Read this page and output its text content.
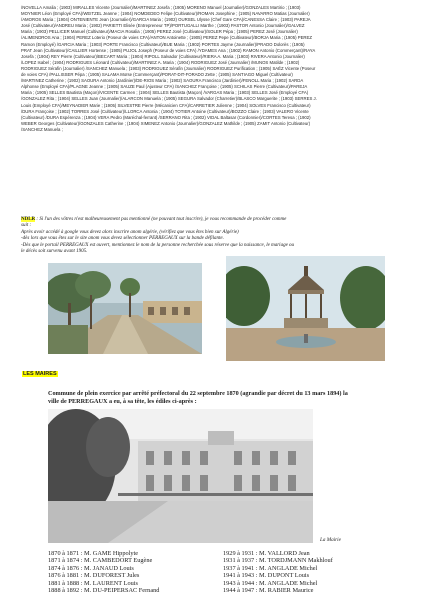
/NOVELLA Amalia ; (1903) MIRALLES Vicente (Journalier)/MARTINEZ Josefa ; (1905) MORENO Manuel (Journalier)/GONZALES Martirio ; (1903)

MOYNIER Léon (Employé CFA)/WEITZEL Jeanne ; (1904) NOMDEDEO Felipe (Cultivateur)/ROMAN Josephine ; (1905) NAVARRO Matias (Journalier)

/AMOROS Maria ; (1904) ONTENIENTE Jean (Journalier)/GARCIA Maria ; (1902) OURSEL Ulysse (Chef Gare CFA)/CANESSA Claire ; (1903) PAREJA

José (Cultivateur)/ANDREU Maria ; (1902) PARIETTI Elisée (Entrepreneur TP)/PORTUGALLI Marthe ; (1903) PASTOR Antonio (Journalier)/GALVEZ

Maria ; (1903) PELLICER Manuel (Cultivateur)/MACIA Rosalia ; (1905) PEREZ José (Cultivateur)/SOLER Pépa ; (1905) PEREZ José (Journalier)

/ALIMENDROS Ana ; (1904) PEREZ Loterio (Poseur de voies CFA)/ANTON Antoinette ; (1905) PEREZ Pepe (Cultivateur)/BORJA Maria ; (1905) PEREZ

Ramon (Employé) /GARCIA Maria ; (1903) PORTE Francisco (Cultivateur)/BUE Maria ; (1902) PORTES Jayme (Journalier)/PRADO Dolorès ; (1905)

PRAT Jean (Cultivateur)/CAILLIER Hortense ; (1905) PUJOL Joseph (Poseur de voies CFA) /YDAMES Ana ; (1902) RAMON Antonio (Commerçant)/RAYA

Josefa ; (1904) REY Pierre (Cultivateur)/BECART Maria ; (1904) RIPOLL Salvador (Cultivateur)/RIERA A. Maria ; (1903) RIVERA Antonio (Journalier)

/LOPEZ Isabel ; (1904) RODRIGUES Léonard (Cultivateur)/MARTINEZ A. Maria ; (1904) RODRIGUEZ José (Journalier) /MUNOS Matilde ; (1902)

RODRIGUEZ Sérafin (Journalier) /SANCHEZ Manuela ; (1903) RODRIGUEZ Sérafin (Journalier) RODRIGUEZ Purification ; (1905) SAËZ Vicente (Poseur

de voies CFA) /PALLISSER Pépa ; (1905) SALAMA Moïse (Commerçant)/PORAT-DIT-FORADO Zette ; (1905) SANTIAGO Miguel (Cultivateur)

/MARTINEZ Catherine ; (1902) SAOURA Antonio (Jardinier)/DE-RIOS Maria ; (1902) SAOURA Francisco (Jardinier)/FENOLL Maria ; (1902) SARDA

Alphonse (Employé CFA)/PLAGNE Jeanne ; (1905) SAUZE Paul (Ajusteur CFA) /SANCHEZ Françoise ; (1905) SCHILAS Pierre (Cultivateur)/PAREJA

Maria ; (1905) SELLES Bautista (Maçon)/VICENTE Carmen ; (1904) SELLES Bautista (Maçon) /VARGAS Maria ; (1903) SELLES José (Employé CFA)

/GONZALEZ Rita ; (1904) SELLES Juan (Journalier)/ALARCON Manuela ; (1905) SEGURA Salvador (Charretier)/BLASCO Marguerite ; (1903) SERRES J.

Louis (Employé CFA)/MEYNADIER Marie ; (1905) SILVESTRE Pierre (Mécanicien CFA)/CARRETIER Julienne ; (1904) SOLVES Francisco (Cultivateur)

/DURA Françoise ; (1902) TORRES José (Cultivateur)/LLORCA Antonia ; (1904) TOTIER Antoine (Cultivateur)/BOZZO Claire ; (1903) VALERO Vicente

(Cultivateur) /DURA Espérenza ; (1904) VERA Pedro (Maréchal-ferrant) /SERRANO Rita ; (1902) VIDAL Baltasar (Cordonnier)/CORTES Teresa ; (1902)

WEBER Georges (Cultivateur)/GONZALES Catherine ; (1904) XIMENEZ Antonio (Journalier)/GONZALEZ Mathilde ; (1905) ZAMIT Antonio (Cultivateur)

/SANCHEZ Manuela ;

NDLR : Si l'un des vôtres n'est malheureusement pas mentionné (ne pouvant tout inscrire), je vous recommande de procéder comme

suit :

Après avoir accédé à google vous devez alors inscrire anom algérie, (vérifiez que vous êtes bien sur Algérie)

-dès lors que vous êtes sur le site anom vous devez sélectionner PERREGAUX sur la bande défilante.

-Dès que le portail PERREGAUX est ouvert, mentionnez le nom de la personne recherchée sous réserve que la naissance, le mariage ou

le décès soit survenu avant 1905.

LES MAIRES
Commune de plein exercice par arrêté préfectoral du 22 septembre 1870 (agrandie par décret du 13 mars 1894) la
ville de PERREGAUX a eu, à sa tête, les édiles ci-après :
La Mairie
1870 à 1871 : M. GAME Hippolyte	1929 à 1931 : M. VALLORD Jean
1871 à 1874 : M. CAMBEDORT Eugène	1931 à 1937 : M. TORDJMANN Makhlouf
1874 à 1876 : M. JANAUD Louis	1937 à 1941 : M. ANGLADE Michel
1876 à 1881 : M. DUFOREST Jules	1941 à 1943 : M. DUPONT Louis
1881 à 1888 : M. LAURENT Louis	1943 à 1944 : M. ANGLADE Michel
1888 à 1892 : M. DU-PEIPERSAC Fernand	1944 à 1947 : M. RABIER Maurice
